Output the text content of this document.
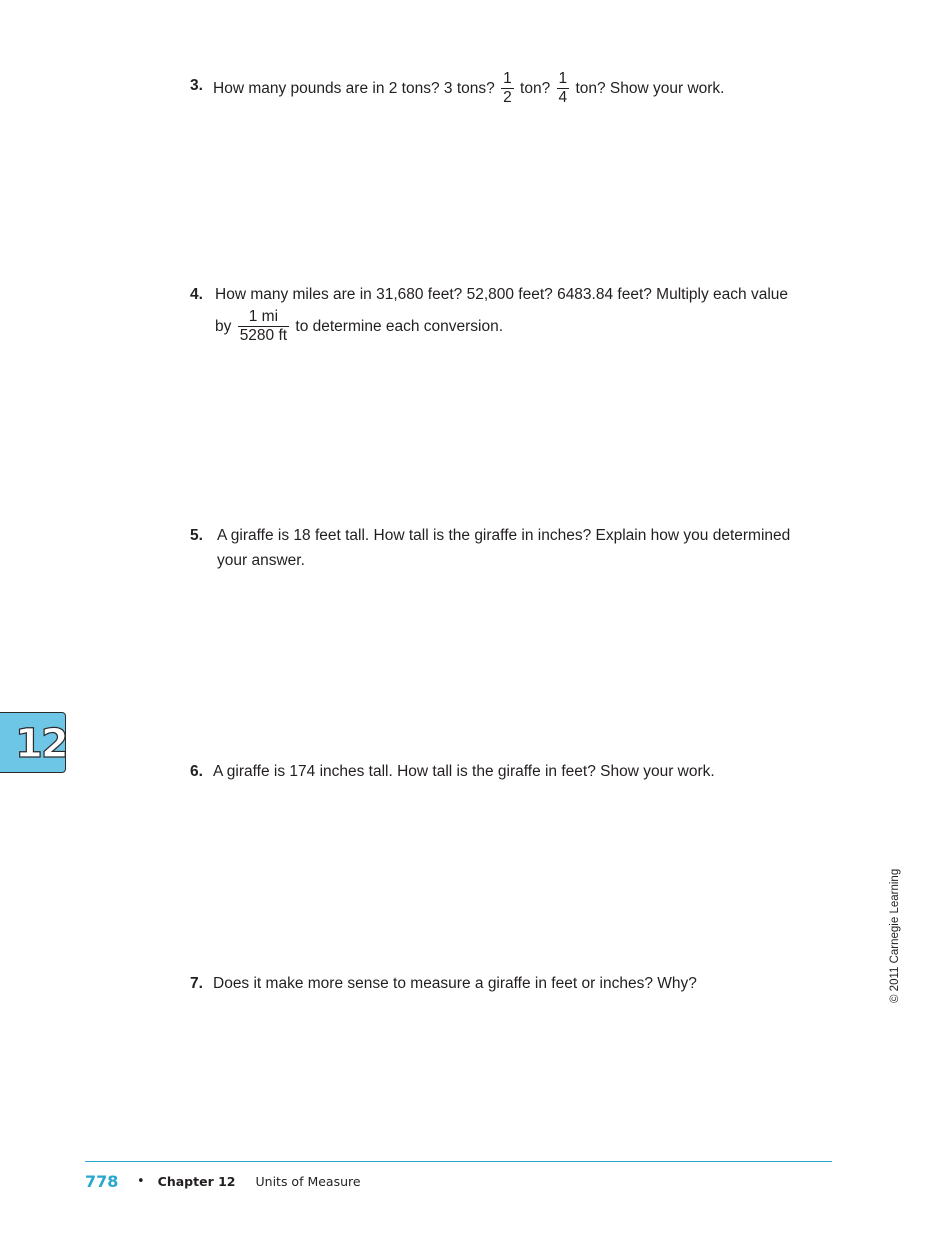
3. How many pounds are in 2 tons? 3 tons? $\frac{1}{2}$ ton? $\frac{1}{4}$ ton? Show your work.
4. How many miles are in 31,680 feet? 52,800 feet? 6483.84 feet? Multiply each value
by $\frac{1 mi}{5280 ft}$ to determine each conversion.
5. A giraffe is 18 feet tall. How tall is the giraffe in inches? Explain how you determined
your answer.
6. A giraffe is 174 inches tall. How tall is the giraffe in feet? Show your work.
7. Does it make more sense to measure a giraffe in feet or inches? Why?
12
© 2011 Carnegie Learning
778 • Chapter 12 Units of Measure
